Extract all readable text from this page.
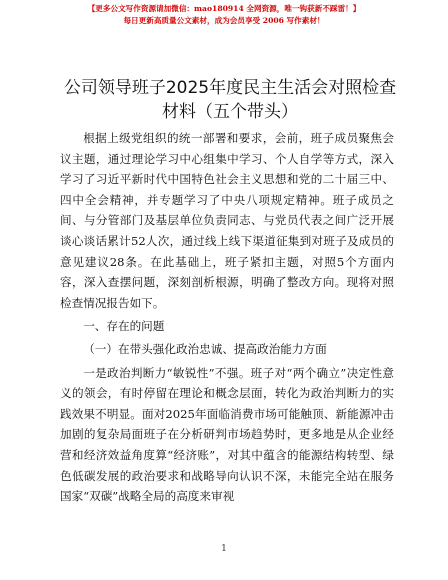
【更多公文写作资源请加微信：mao180914 全网资源，唯一钩获新不踩雷！】
每日更新高质量公文素材，成为会员享受 2006 写作素材！
公司领导班子2025年度民主生活会对照检查材料（五个带头）

根据上级党组织的统一部署和要求，会前，班子成员聚焦会议主题，通过理论学习中心组集中学习、个人自学等方式，深入学习了习近平新时代中国特色社会主义思想和党的二十届三中、四中全会精神，并专题学习了中央八项规定精神。班子成员之间、与分管部门及基层单位负责同志、与党员代表之间广泛开展谈心谈话累计52人次，通过线上线下渠道征集到对班子及成员的意见建议28条。在此基础上，班子紧扣主题，对照5个方面内容，深入查摆问题，深刻剖析根源，明确了整改方向。现将对照检查情况报告如下。

一、存在的问题

（一）在带头强化政治忠诚、提高政治能力方面

一是政治判断力“敏锐性”不强。班子对“两个确立”决定性意义的领会，有时停留在理论和概念层面，转化为政治判断力的实践效果不明显。面对2025年面临消费市场可能触顶、新能源冲击加剧的复杂局面班子在分析研判市场趋势时，更多地是从企业经营和经济效益角度算“经济账”，对其中蕴含的能源结构转型、绿色低碳发展的政治要求和战略导向认识不深，未能完全站在服务国家“双碳”战略全局的高度来审视

1
